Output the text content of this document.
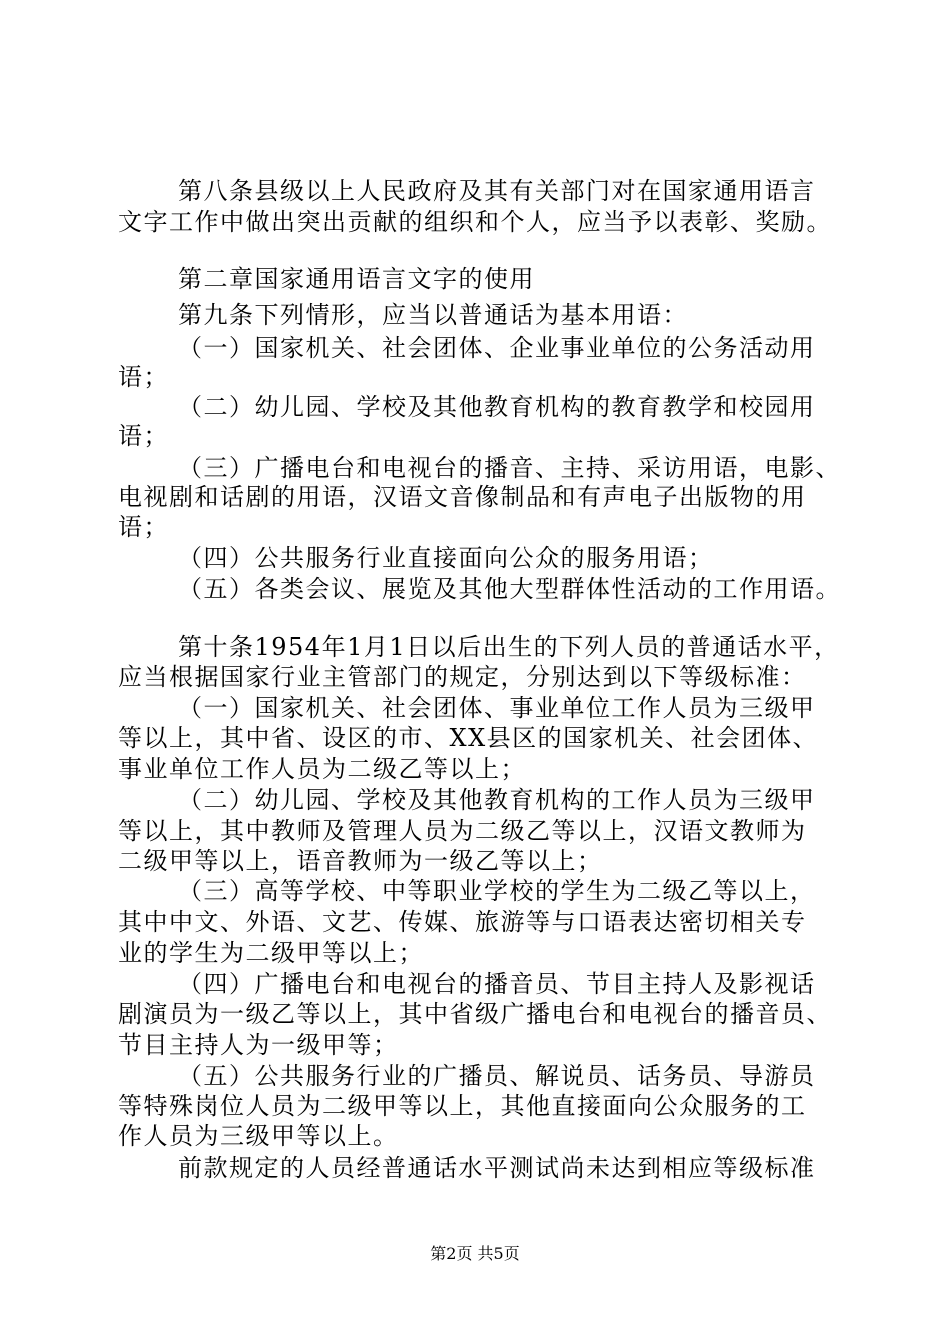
第八条县级以上人民政府及其有关部门对在国家通用语言
文字工作中做出突出贡献的组织和个人，应当予以表彰、奖励。
第二章国家通用语言文字的使用
第九条下列情形，应当以普通话为基本用语：
（一）国家机关、社会团体、企业事业单位的公务活动用
语；
（二）幼儿园、学校及其他教育机构的教育教学和校园用
语；
（三）广播电台和电视台的播音、主持、采访用语，电影、
电视剧和话剧的用语，汉语文音像制品和有声电子出版物的用
语；
（四）公共服务行业直接面向公众的服务用语；
（五）各类会议、展览及其他大型群体性活动的工作用语。
第十条1954年1月1日以后出生的下列人员的普通话水平，
应当根据国家行业主管部门的规定，分别达到以下等级标准：
（一）国家机关、社会团体、事业单位工作人员为三级甲
等以上，其中省、设区的市、XX县区的国家机关、社会团体、
事业单位工作人员为二级乙等以上；
（二）幼儿园、学校及其他教育机构的工作人员为三级甲
等以上，其中教师及管理人员为二级乙等以上，汉语文教师为
二级甲等以上，语音教师为一级乙等以上；
（三）高等学校、中等职业学校的学生为二级乙等以上，
其中中文、外语、文艺、传媒、旅游等与口语表达密切相关专
业的学生为二级甲等以上；
（四）广播电台和电视台的播音员、节目主持人及影视话
剧演员为一级乙等以上，其中省级广播电台和电视台的播音员、
节目主持人为一级甲等；
（五）公共服务行业的广播员、解说员、话务员、导游员
等特殊岗位人员为二级甲等以上，其他直接面向公众服务的工
作人员为三级甲等以上。
前款规定的人员经普通话水平测试尚未达到相应等级标准
第2页 共5页
